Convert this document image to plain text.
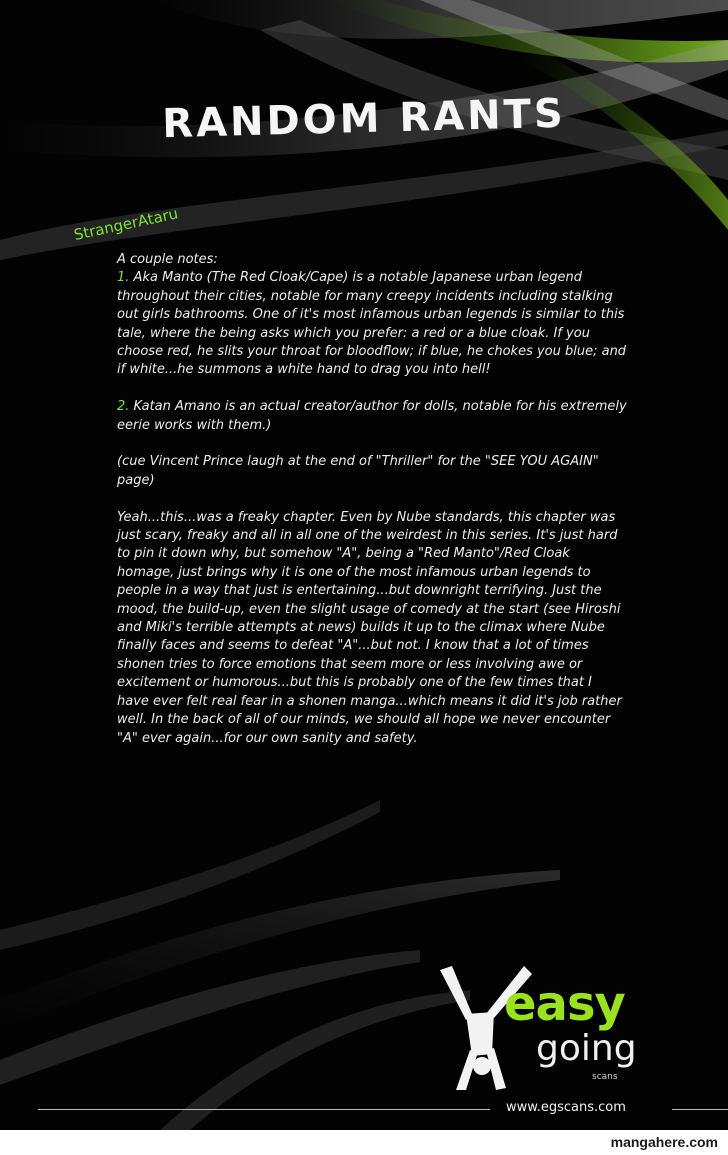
RANDOM RANTS
StrangerAtaru

A couple notes:
1. Aka Manto (The Red Cloak/Cape) is a notable Japanese urban legend throughout their cities, notable for many creepy incidents including stalking out girls bathrooms. One of it's most infamous urban legends is similar to this tale, where the being asks which you prefer: a red or a blue cloak. If you choose red, he slits your throat for bloodflow; if blue, he chokes you blue; and if white...he summons a white hand to drag you into hell!

2. Katan Amano is an actual creator/author for dolls, notable for his extremely eerie works with them.)

(cue Vincent Prince laugh at the end of "Thriller" for the "SEE YOU AGAIN" page)

Yeah...this...was a freaky chapter. Even by Nube standards, this chapter was just scary, freaky and all in all one of the weirdest in this series. It's just hard to pin it down why, but somehow "A", being a "Red Manto"/Red Cloak homage, just brings why it is one of the most infamous urban legends to people in a way that just is entertaining...but downright terrifying. Just the mood, the build-up, even the slight usage of comedy at the start (see Hiroshi and Miki's terrible attempts at news) builds it up to the climax where Nube finally faces and seems to defeat "A"...but not. I know that a lot of times shonen tries to force emotions that seem more or less involving awe or excitement or humorous...but this is probably one of the few times that I have ever felt real fear in a shonen manga...which means it did it's job rather well. In the back of all of our minds, we should all hope we never encounter "A" ever again...for our own sanity and safety.

easy
going
scans
www.egscans.com
mangahere.com
